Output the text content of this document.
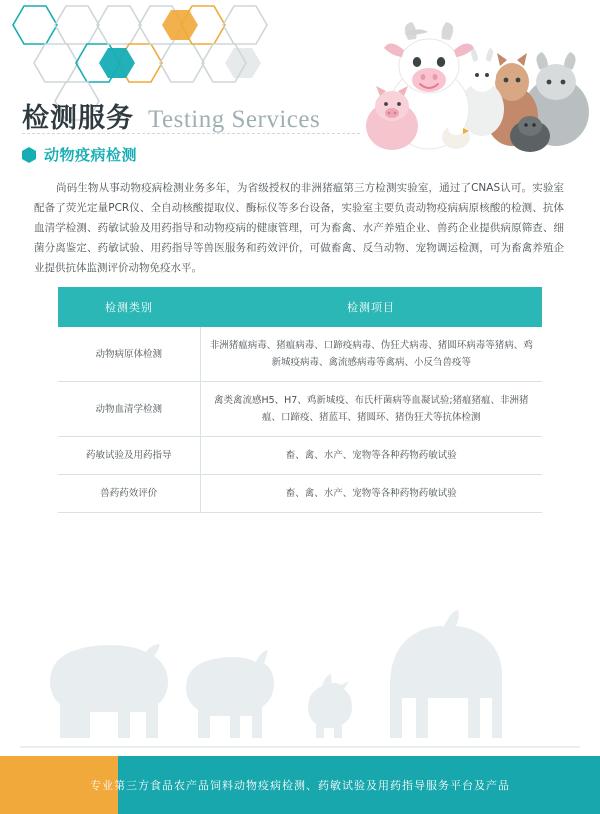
检测服务 Testing Services
动物疫病检测
尚码生物从事动物疫病检测业务多年，为省级授权的非洲猪瘟第三方检测实验室，通过了CNAS认可。实验室配备了荧光定量PCR仪、全自动核酸提取仪、酶标仪等多台设备，实验室主要负责动物疫病病原核酸的检测、抗体血清学检测、药敏试验及用药指导和动物疫病的健康管理，可为畜禽、水产养殖企业、兽药企业提供病原筛查、细菌分离鉴定、药敏试验、用药指导等兽医服务和药效评价，可做畜禽、反刍动物、宠物调运检测，可为畜禽养殖企业提供抗体监测评价动物免疫水平。
检测类别	检测项目
动物病原体检测	非洲猪瘟病毒、猪瘟病毒、口蹄疫病毒、伪狂犬病毒、猪圆环病毒等猪病、鸡新城疫病毒、禽流感病毒等禽病、小反刍兽疫等
动物血清学检测	禽类禽流感H5、H7、鸡新城疫、布氏杆菌病等血凝试验;猪瘟猪瘟、非洲猪瘟、口蹄疫、猪蓝耳、猪圆环、猪伪狂犬等抗体检测
药敏试验及用药指导	畜、禽、水产、宠物等各种药物药敏试验
兽药药效评价	畜、禽、水产、宠物等各种药物药敏试验
专业第三方食品农产品饲料动物疫病检测、药敏试验及用药指导服务平台及产品
